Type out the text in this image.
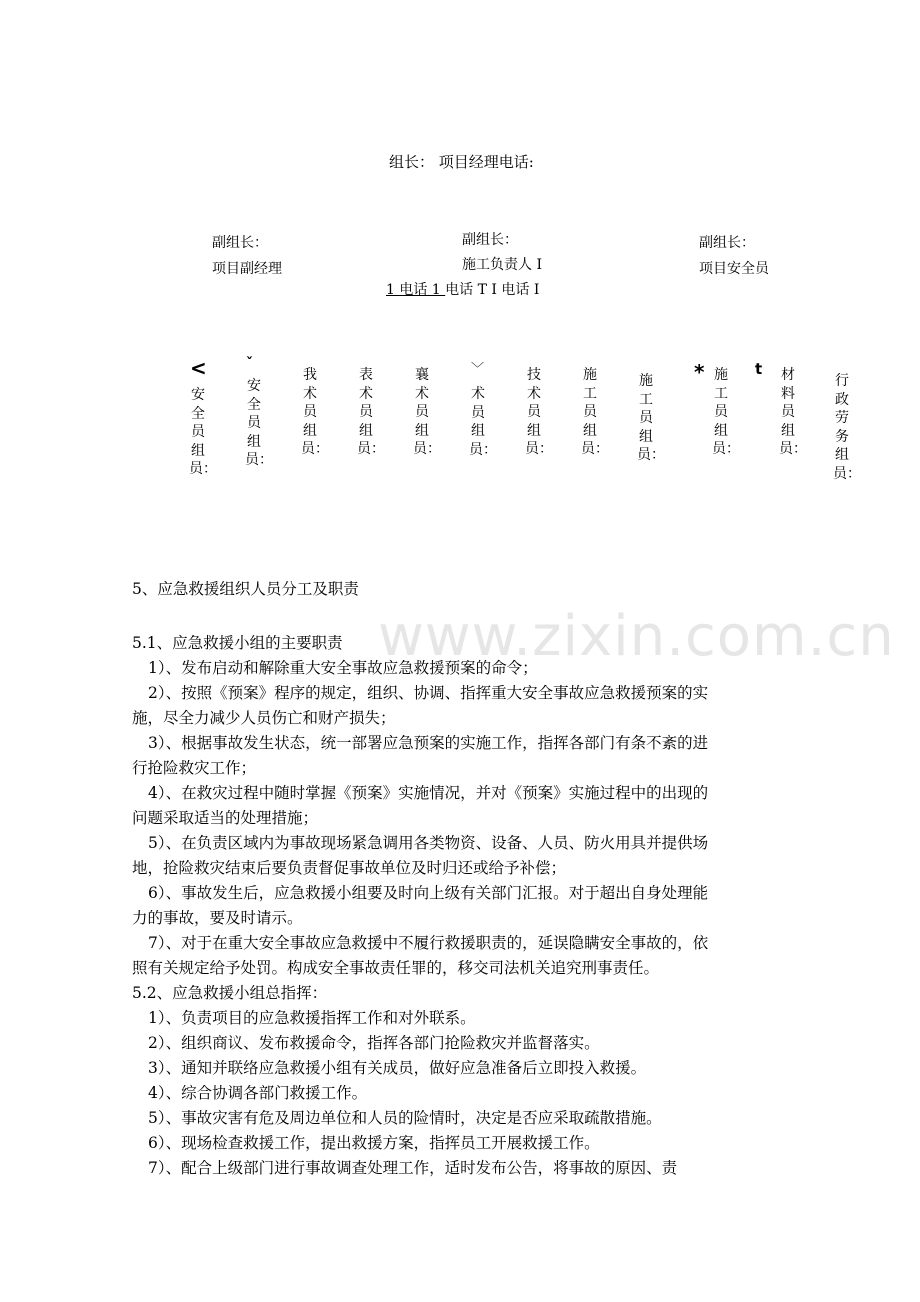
www.zixin.com.cn
组长： 项目经理电话:
副组长：
项目副经理
副组长：
施工负责人 I
副组长：
项目安全员
1 电话 1 电话 T I 电话 I
<
安全员组员：
ˇ
安全员组员：
我术员组员：
表术员组员：
襄术员组员：
﹀
术员组员：
技术员组员：
施工员组员：
施工员组员：
* 施工员组员：
t 材料员组员：
行政劳务组员：
5、应急救援组织人员分工及职责
5.1、应急救援小组的主要职责
1）、发布启动和解除重大安全事故应急救援预案的命令；
2）、按照《预案》程序的规定，组织、协调、指挥重大安全事故应急救援预案的实
施，尽全力减少人员伤亡和财产损失；
3）、根据事故发生状态，统一部署应急预案的实施工作，指挥各部门有条不紊的进
行抢险救灾工作；
4）、在救灾过程中随时掌握《预案》实施情况，并对《预案》实施过程中的出现的
问题采取适当的处理措施；
5）、在负责区域内为事故现场紧急调用各类物资、设备、人员、防火用具并提供场
地，抢险救灾结束后要负责督促事故单位及时归还或给予补偿；
6）、事故发生后，应急救援小组要及时向上级有关部门汇报。对于超出自身处理能
力的事故，要及时请示。
7）、对于在重大安全事故应急救援中不履行救援职责的，延误隐瞒安全事故的，依
照有关规定给予处罚。构成安全事故责任罪的，移交司法机关追究刑事责任。
5.2、应急救援小组总指挥：
1）、负责项目的应急救援指挥工作和对外联系。
2）、组织商议、发布救援命令，指挥各部门抢险救灾并监督落实。
3）、通知并联络应急救援小组有关成员，做好应急准备后立即投入救援。
4）、综合协调各部门救援工作。
5）、事故灾害有危及周边单位和人员的险情时，决定是否应采取疏散措施。
6）、现场检查救援工作，提出救援方案，指挥员工开展救援工作。
7）、配合上级部门进行事故调查处理工作，适时发布公告，将事故的原因、责
